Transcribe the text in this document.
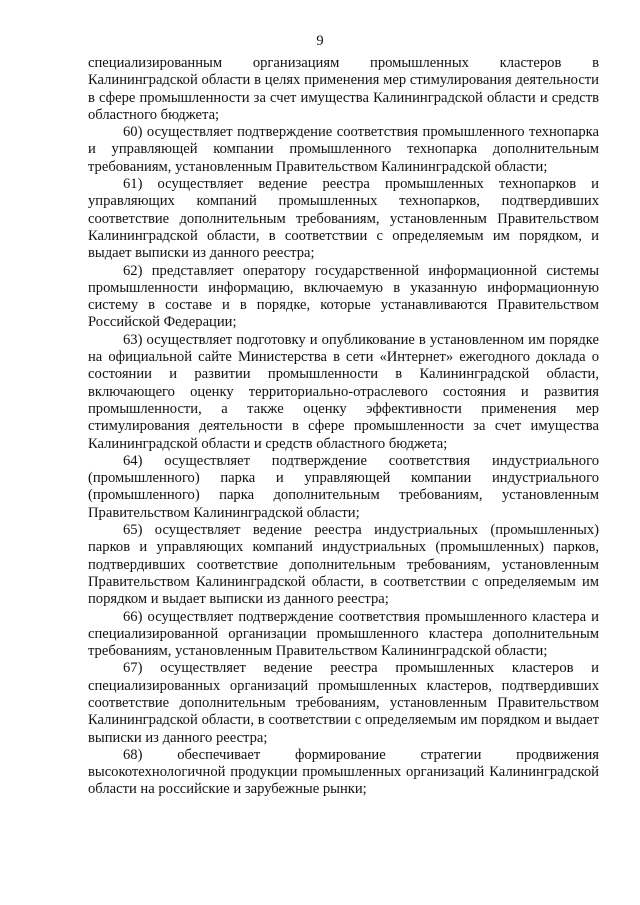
9

специализированным организациям промышленных кластеров в Калининградской области в целях применения мер стимулирования деятельности в сфере промышленности за счет имущества Калининградской области и средств областного бюджета;

60) осуществляет подтверждение соответствия промышленного технопарка и управляющей компании промышленного технопарка дополнительным требованиям, установленным Правительством Калининградской области;

61) осуществляет ведение реестра промышленных технопарков и управляющих компаний промышленных технопарков, подтвердивших соответствие дополнительным требованиям, установленным Правительством Калининградской области, в соответствии с определяемым им порядком, и выдает выписки из данного реестра;

62) представляет оператору государственной информационной системы промышленности информацию, включаемую в указанную информационную систему в составе и в порядке, которые устанавливаются Правительством Российской Федерации;

63) осуществляет подготовку и опубликование в установленном им порядке на официальной сайте Министерства в сети «Интернет» ежегодного доклада о состоянии и развитии промышленности в Калининградской области, включающего оценку территориально-отраслевого состояния и развития промышленности, а также оценку эффективности применения мер стимулирования деятельности в сфере промышленности за счет имущества Калининградской области и средств областного бюджета;

64) осуществляет подтверждение соответствия индустриального (промышленного) парка и управляющей компании индустриального (промышленного) парка дополнительным требованиям, установленным Правительством Калининградской области;

65) осуществляет ведение реестра индустриальных (промышленных) парков и управляющих компаний индустриальных (промышленных) парков, подтвердивших соответствие дополнительным требованиям, установленным Правительством Калининградской области, в соответствии с определяемым им порядком и выдает выписки из данного реестра;

66) осуществляет подтверждение соответствия промышленного кластера и специализированной организации промышленного кластера дополнительным требованиям, установленным Правительством Калининградской области;

67) осуществляет ведение реестра промышленных кластеров и специализированных организаций промышленных кластеров, подтвердивших соответствие дополнительным требованиям, установленным Правительством Калининградской области, в соответствии с определяемым им порядком и выдает выписки из данного реестра;

68) обеспечивает формирование стратегии продвижения высокотехнологичной продукции промышленных организаций Калининградской области на российские и зарубежные рынки;
